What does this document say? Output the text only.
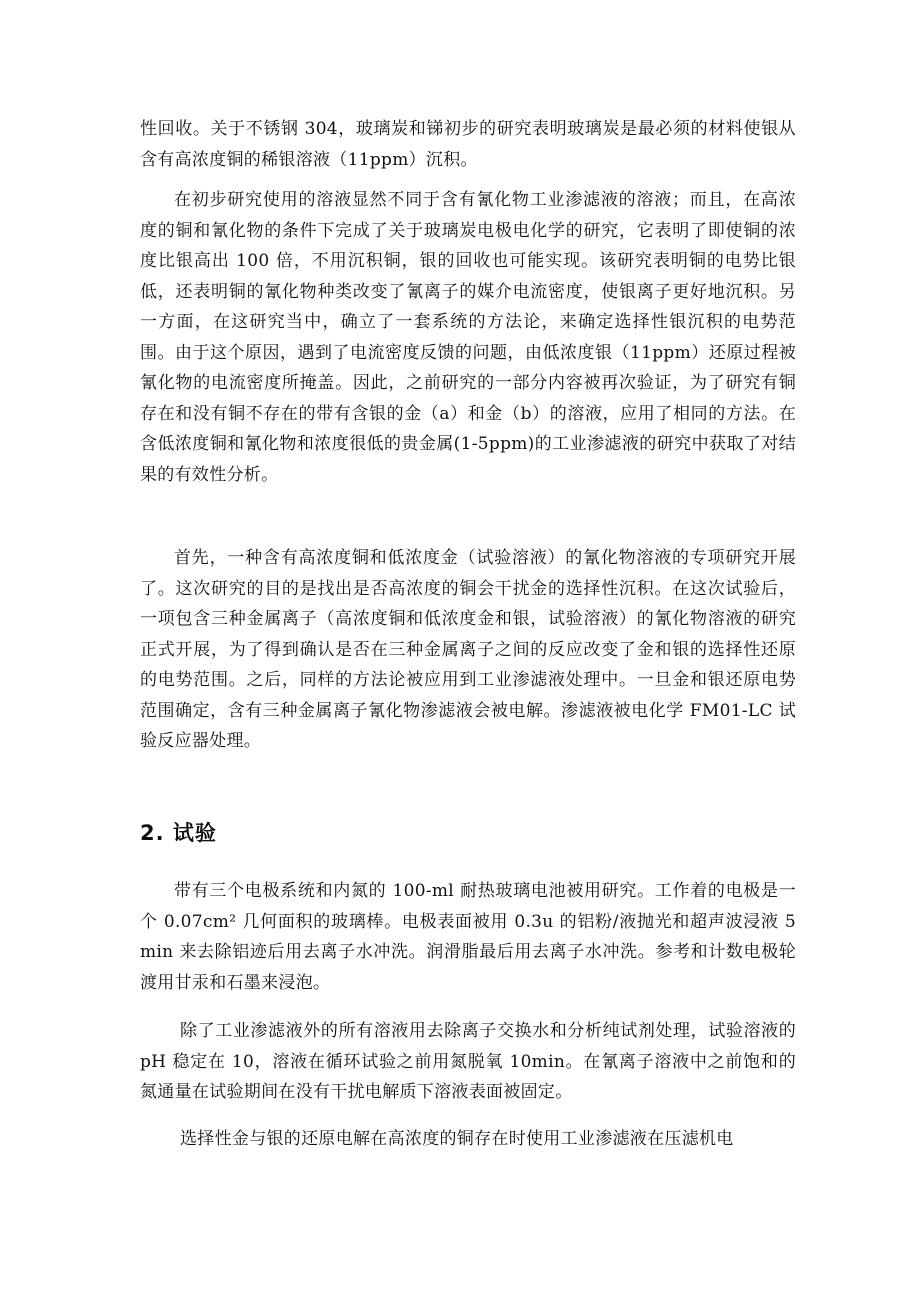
性回收。关于不锈钢 304，玻璃炭和锑初步的研究表明玻璃炭是最必须的材料使银从含有高浓度铜的稀银溶液（11ppm）沉积。

在初步研究使用的溶液显然不同于含有氰化物工业渗滤液的溶液；而且，在高浓度的铜和氰化物的条件下完成了关于玻璃炭电极电化学的研究，它表明了即使铜的浓度比银高出 100 倍，不用沉积铜，银的回收也可能实现。该研究表明铜的电势比银低，还表明铜的氰化物种类改变了氰离子的媒介电流密度，使银离子更好地沉积。另一方面，在这研究当中，确立了一套系统的方法论，来确定选择性银沉积的电势范围。由于这个原因，遇到了电流密度反馈的问题，由低浓度银（11ppm）还原过程被氰化物的电流密度所掩盖。因此，之前研究的一部分内容被再次验证，为了研究有铜存在和没有铜不存在的带有含银的金（a）和金（b）的溶液，应用了相同的方法。在含低浓度铜和氰化物和浓度很低的贵金属(1-5ppm)的工业渗滤液的研究中获取了对结果的有效性分析。

首先，一种含有高浓度铜和低浓度金（试验溶液）的氰化物溶液的专项研究开展了。这次研究的目的是找出是否高浓度的铜会干扰金的选择性沉积。在这次试验后，一项包含三种金属离子（高浓度铜和低浓度金和银，试验溶液）的氰化物溶液的研究正式开展，为了得到确认是否在三种金属离子之间的反应改变了金和银的选择性还原的电势范围。之后，同样的方法论被应用到工业渗滤液处理中。一旦金和银还原电势范围确定，含有三种金属离子氰化物渗滤液会被电解。渗滤液被电化学 FM01-LC 试验反应器处理。

2. 试验

带有三个电极系统和内氮的 100-ml 耐热玻璃电池被用研究。工作着的电极是一个 0.07cm² 几何面积的玻璃棒。电极表面被用 0.3u 的铝粉/液抛光和超声波浸液 5min 来去除铝迹后用去离子水冲洗。润滑脂最后用去离子水冲洗。参考和计数电极轮渡用甘汞和石墨来浸泡。

除了工业渗滤液外的所有溶液用去除离子交换水和分析纯试剂处理，试验溶液的 pH 稳定在 10，溶液在循环试验之前用氮脱氧 10min。在氰离子溶液中之前饱和的氮通量在试验期间在没有干扰电解质下溶液表面被固定。

选择性金与银的还原电解在高浓度的铜存在时使用工业渗滤液在压滤机电
